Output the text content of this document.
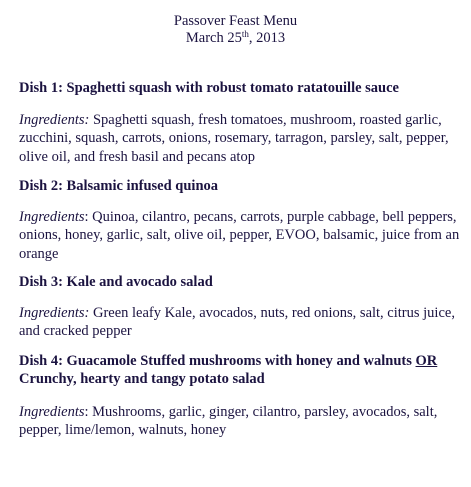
Passover Feast Menu
March 25th, 2013

Dish 1: Spaghetti squash with robust tomato ratatouille sauce

Ingredients: Spaghetti squash, fresh tomatoes, mushroom, roasted garlic, zucchini, squash, carrots, onions, rosemary, tarragon, parsley, salt, pepper, olive oil, and fresh basil and pecans atop

Dish 2: Balsamic infused quinoa

Ingredients: Quinoa, cilantro, pecans, carrots, purple cabbage, bell peppers, onions, honey, garlic, salt, olive oil, pepper, EVOO, balsamic, juice from an orange

Dish 3: Kale and avocado salad

Ingredients: Green leafy Kale, avocados, nuts, red onions, salt, citrus juice, and cracked pepper

Dish 4: Guacamole Stuffed mushrooms with honey and walnuts OR
Crunchy, hearty and tangy potato salad

Ingredients: Mushrooms, garlic, ginger, cilantro, parsley, avocados, salt, pepper, lime/lemon, walnuts, honey
